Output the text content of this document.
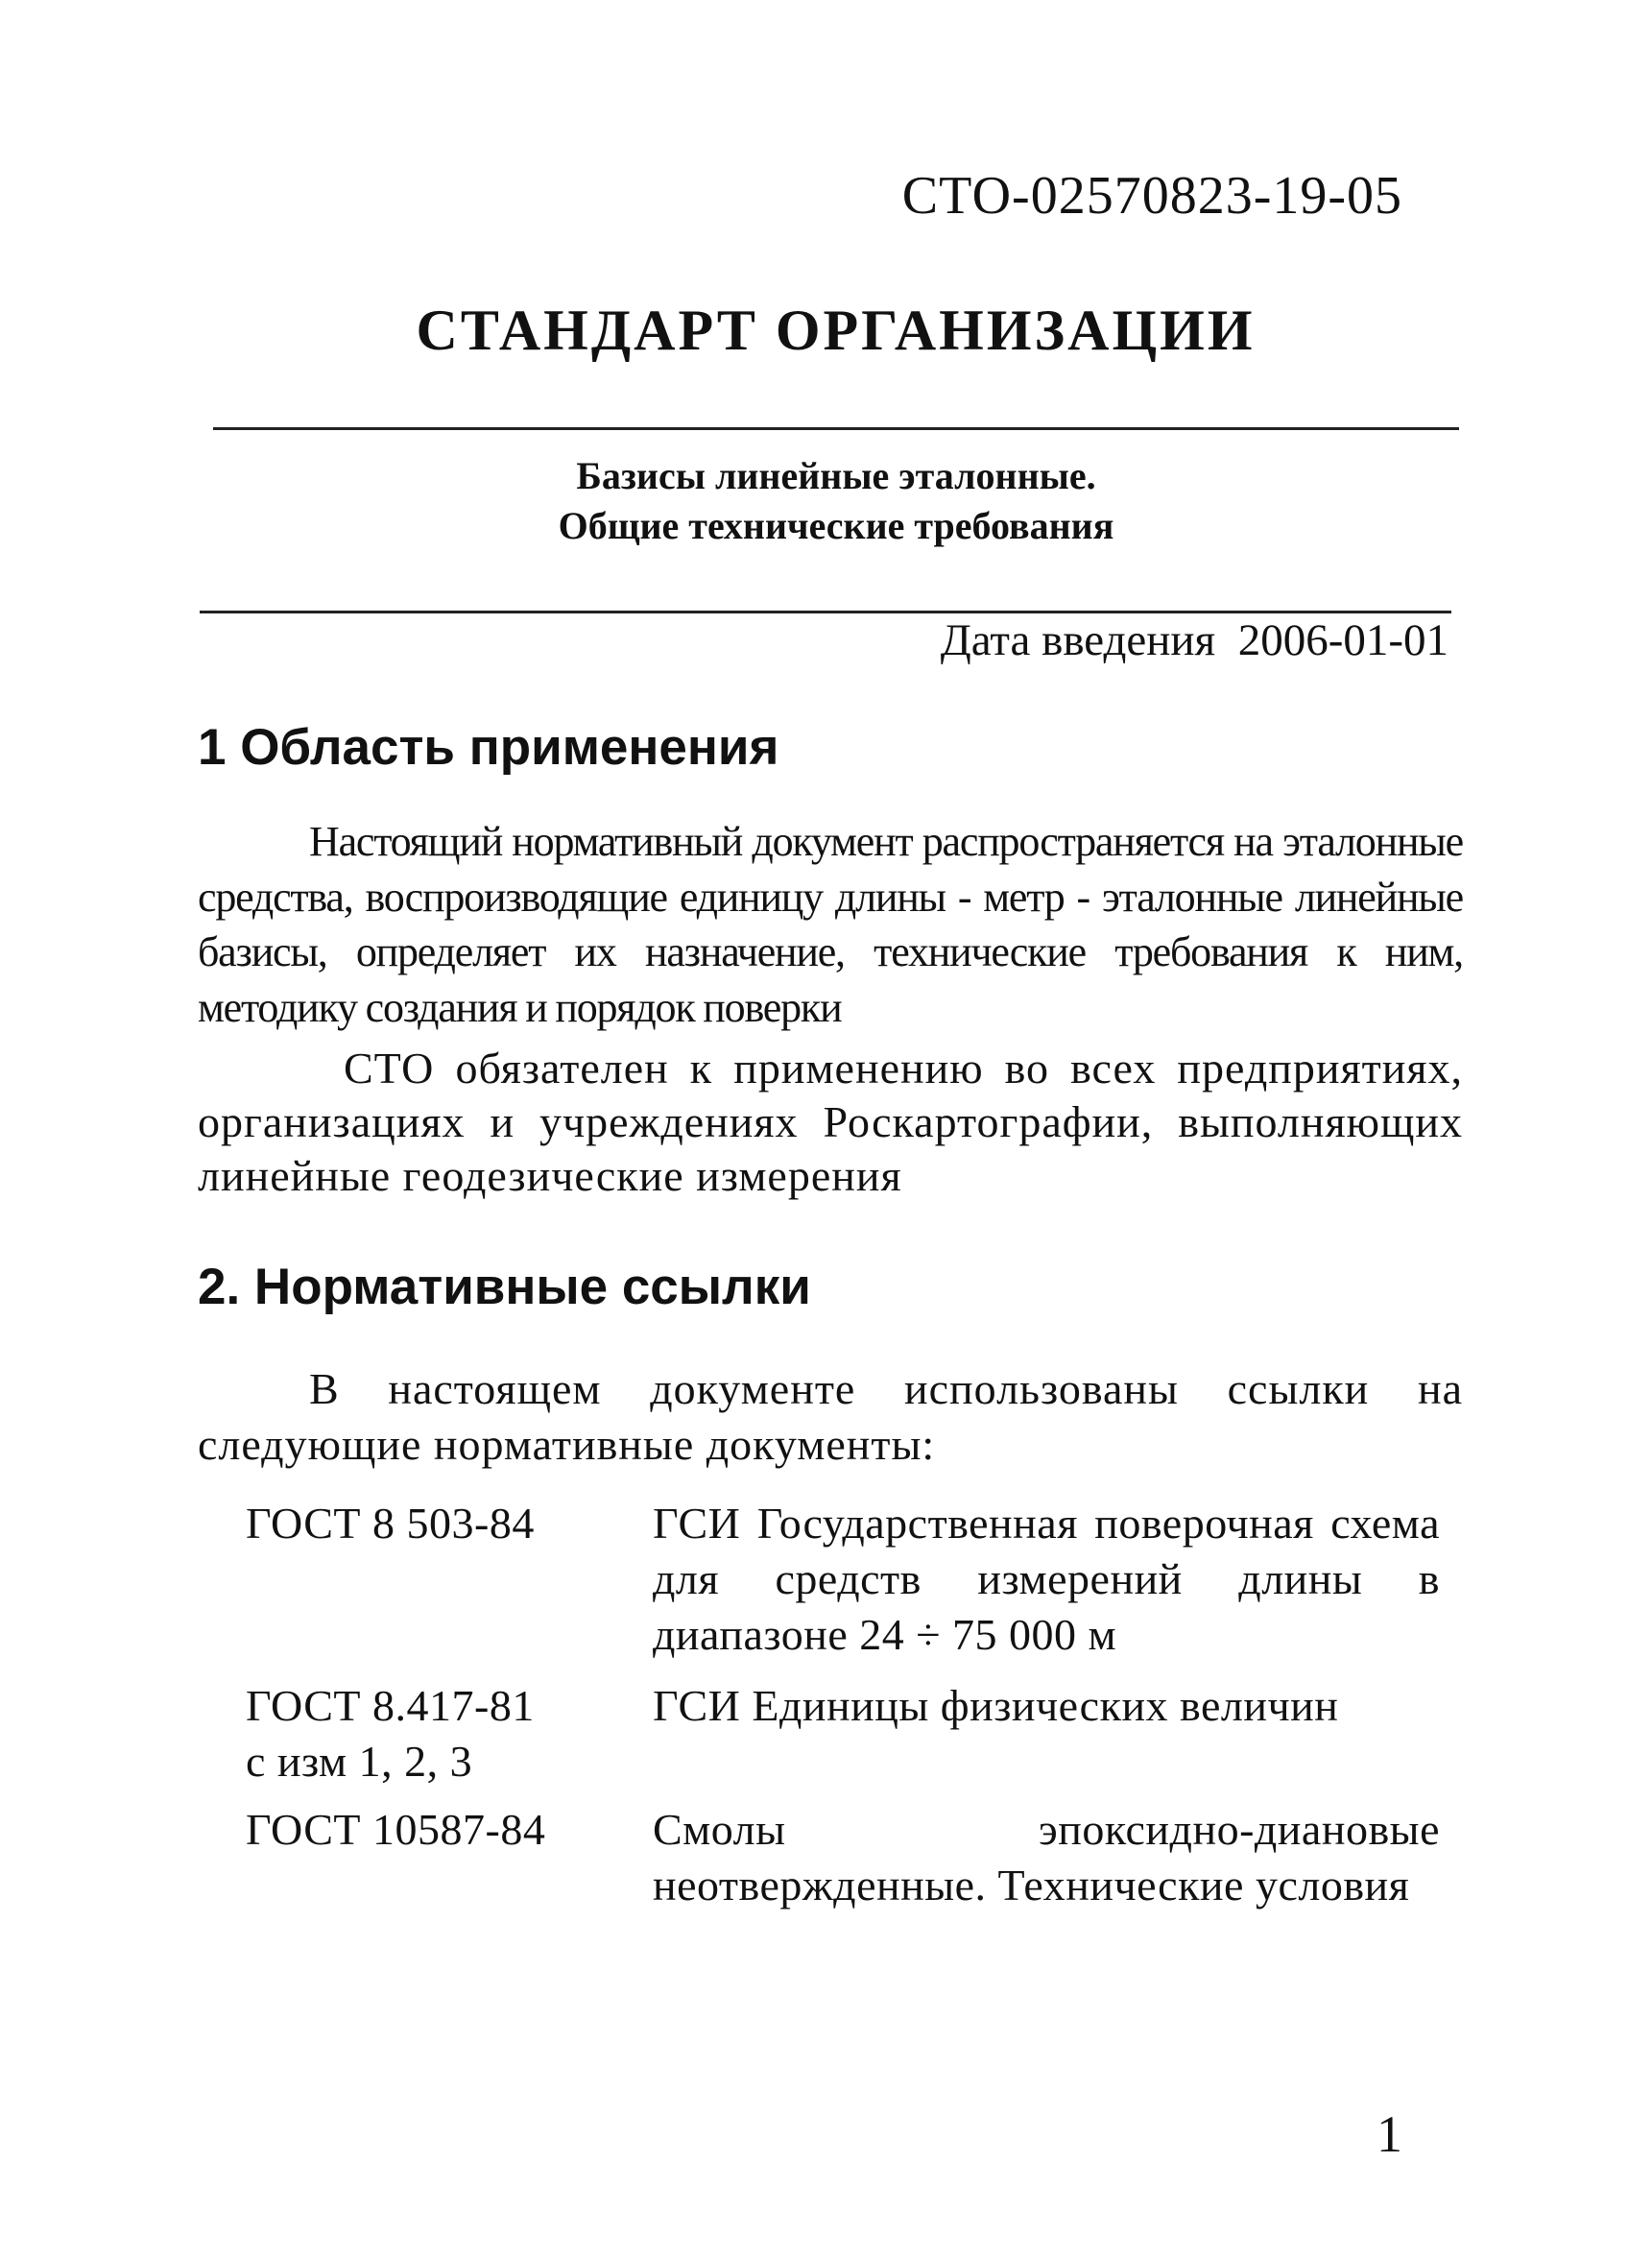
СТО-02570823-19-05
СТАНДАРТ ОРГАНИЗАЦИИ
Базисы линейные эталонные.
Общие технические требования
Дата введения 2006-01-01
1 Область применения
Настоящий нормативный документ распространяется на эталонные средства, воспроизводящие единицу длины - метр - эталонные линейные базисы, определяет их назначение, технические требования к ним, методику создания и порядок поверки
СТО обязателен к применению во всех предприятиях, организациях и учреждениях Роскартографии, выполняющих линейные геодезические измерения
2. Нормативные ссылки
В настоящем документе использованы ссылки на следующие нормативные документы:
ГОСТ 8 503-84	ГСИ Государственная поверочная схема для средств измерений длины в диапазоне 24 ÷ 75 000 м
ГОСТ 8.417-81
с изм 1, 2, 3
ГСИ Единицы физических величин
ГОСТ 10587-84 Смолы эпоксидно-диановые неотвержденные. Технические условия
1
